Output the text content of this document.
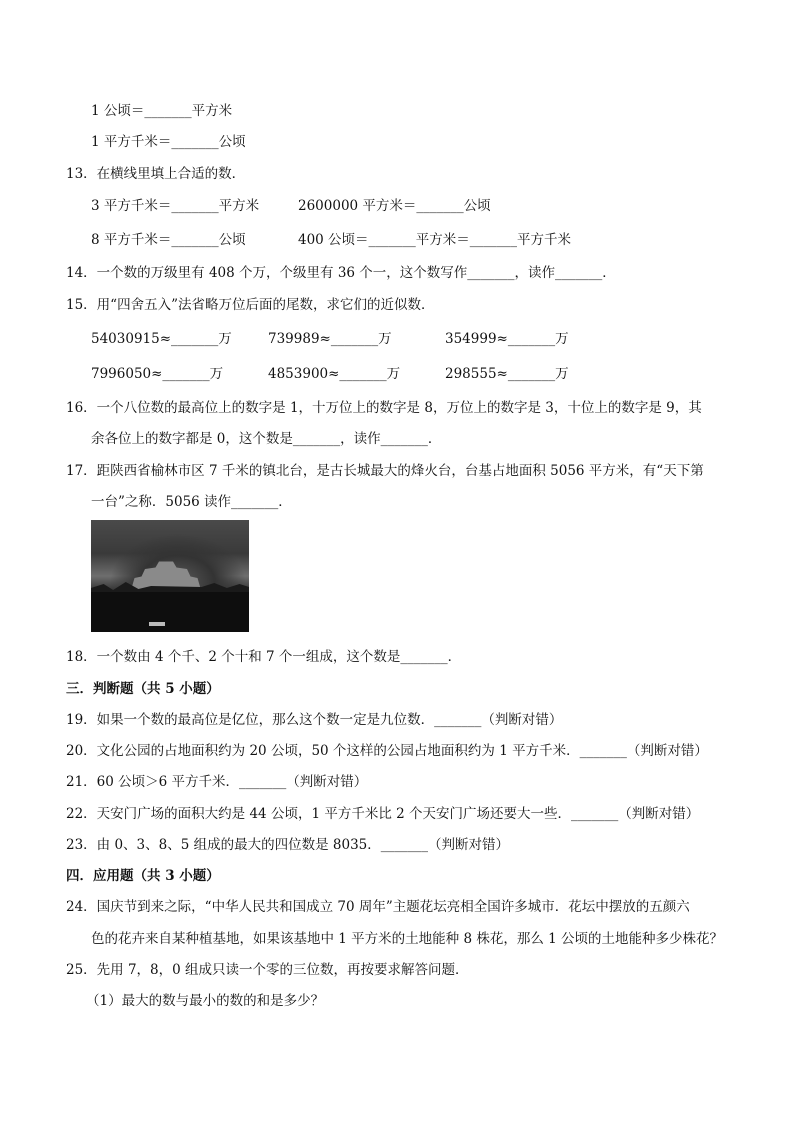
1 公顷＝_______平方米
1 平方千米＝_______公顷
13．在横线里填上合适的数．
3 平方千米＝_______平方米	2600000 平方米＝_______公顷
8 平方千米＝_______公顷	400 公顷＝_______平方米＝_______平方千米
14．一个数的万级里有 408 个万，个级里有 36 个一，这个数写作_______，读作_______．
15．用“四舍五入”法省略万位后面的尾数，求它们的近似数．
54030915≈_______万	739989≈_______万	354999≈_______万
7996050≈_______万	4853900≈_______万	298555≈_______万
16．一个八位数的最高位上的数字是 1，十万位上的数字是 8，万位上的数字是 3，十位上的数字是 9，其
余各位上的数字都是 0，这个数是_______，读作_______．
17．距陕西省榆林市区 7 千米的镇北台，是古长城最大的烽火台，台基占地面积 5056 平方米，有“天下第
一台”之称．5056 读作_______．
18．一个数由 4 个千、2 个十和 7 个一组成，这个数是_______．
三．判断题（共 5 小题）
19．如果一个数的最高位是亿位，那么这个数一定是九位数．_______（判断对错）
20．文化公园的占地面积约为 20 公顷，50 个这样的公园占地面积约为 1 平方千米．_______（判断对错）
21．60 公顷＞6 平方千米．_______（判断对错）
22．天安门广场的面积大约是 44 公顷，1 平方千米比 2 个天安门广场还要大一些．_______（判断对错）
23．由 0、3、8、5 组成的最大的四位数是 8035．_______（判断对错）
四．应用题（共 3 小题）
24．国庆节到来之际，“中华人民共和国成立 70 周年”主题花坛亮相全国许多城市．花坛中摆放的五颜六
色的花卉来自某种植基地，如果该基地中 1 平方米的土地能种 8 株花，那么 1 公顷的土地能种多少株花？
25．先用 7，8，0 组成只读一个零的三位数，再按要求解答问题．
（1）最大的数与最小的数的和是多少？
